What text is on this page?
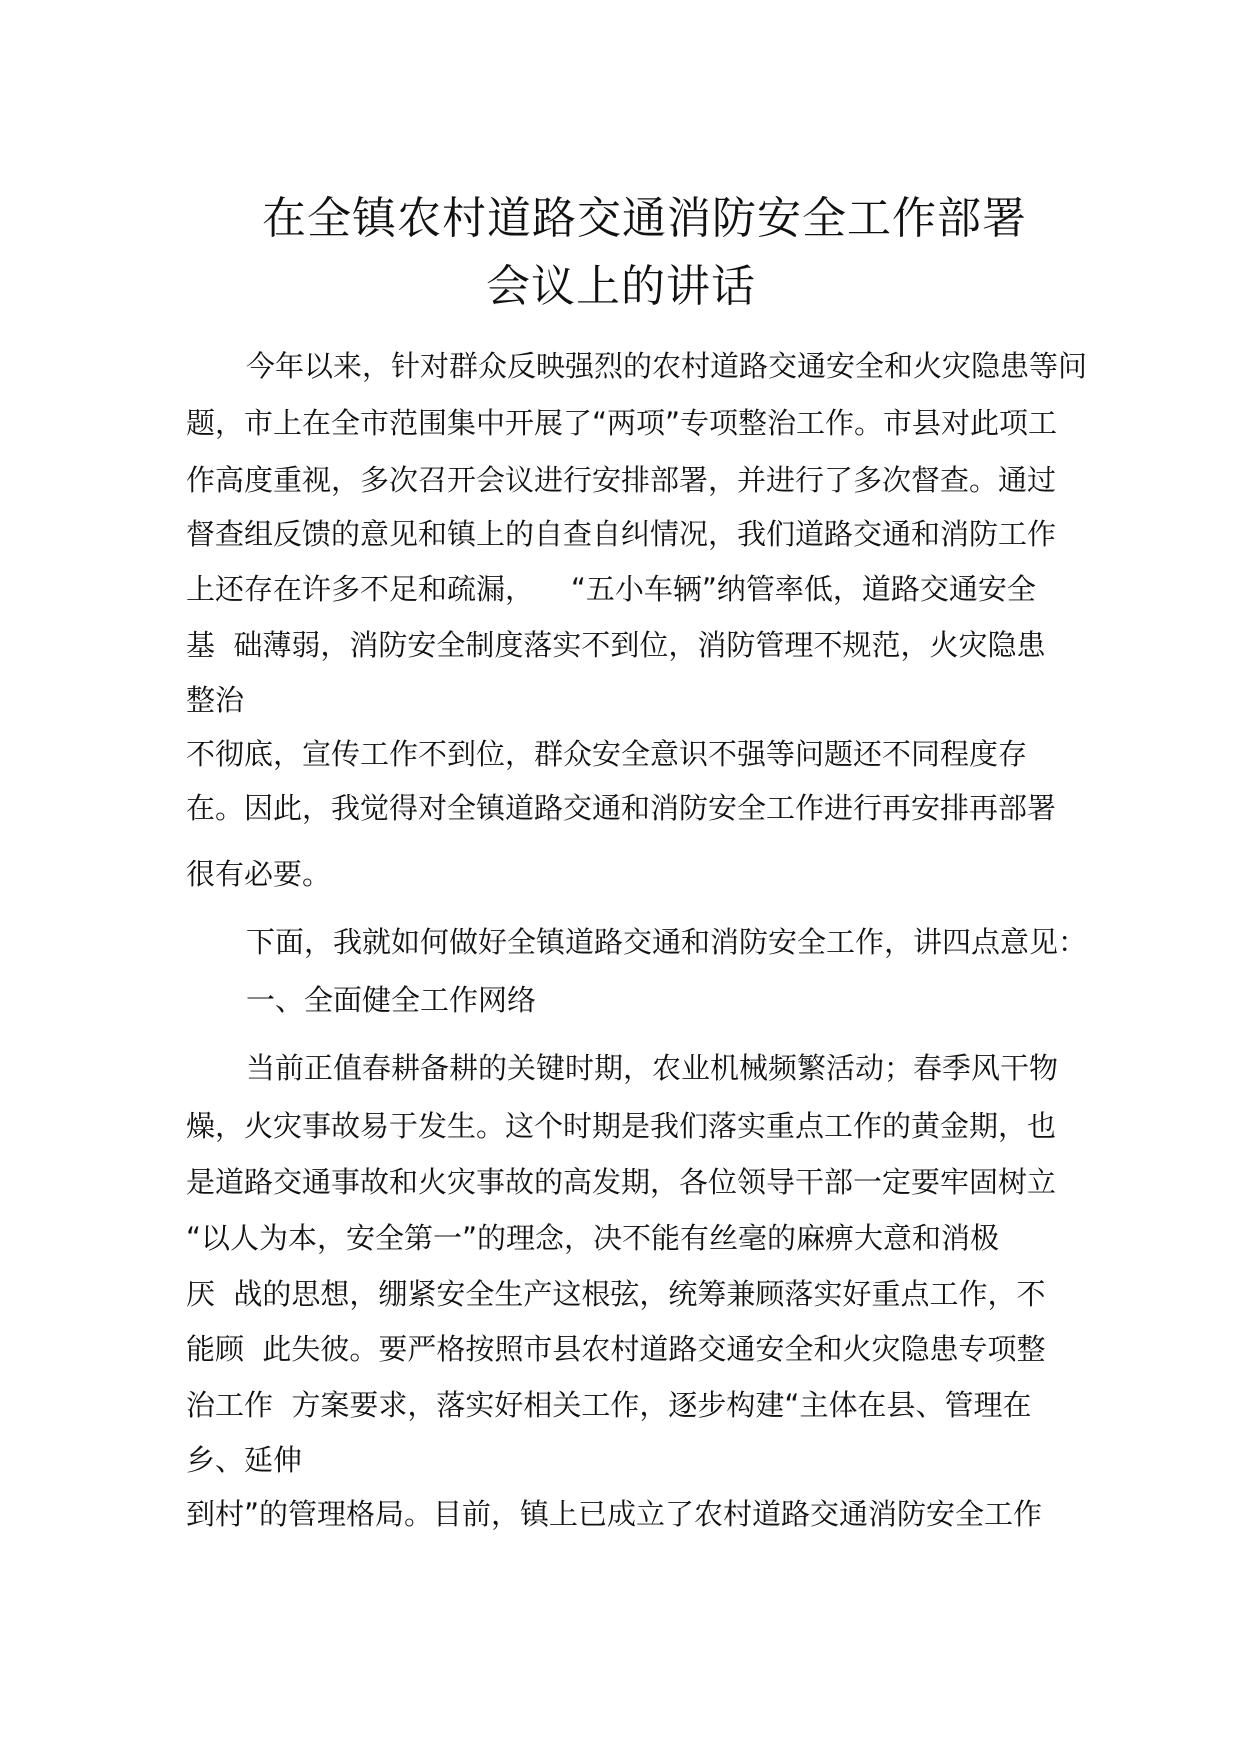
在全镇农村道路交通消防安全工作部署
会议上的讲话
今年以来，针对群众反映强烈的农村道路交通安全和火灾隐患等问
题，市上在全市范围集中开展了“两项”专项整治工作。市县对此项工
作高度重视，多次召开会议进行安排部署，并进行了多次督查。通过
督查组反馈的意见和镇上的自查自纠情况，我们道路交通和消防工作
上还存在许多不足和疏漏，    “五小车辆”纳管率低，道路交通安全
基  础薄弱，消防安全制度落实不到位，消防管理不规范，火灾隐患
整治
不彻底，宣传工作不到位，群众安全意识不强等问题还不同程度存
在。因此，我觉得对全镇道路交通和消防安全工作进行再安排再部署
很有必要。
下面，我就如何做好全镇道路交通和消防安全工作，讲四点意见：
一、全面健全工作网络
当前正值春耕备耕的关键时期，农业机械频繁活动；春季风干物
燥，火灾事故易于发生。这个时期是我们落实重点工作的黄金期，也
是道路交通事故和火灾事故的高发期，各位领导干部一定要牢固树立
“以人为本，安全第一”的理念，决不能有丝毫的麻痹大意和消极
厌  战的思想，绷紧安全生产这根弦，统筹兼顾落实好重点工作，不
能顾  此失彼。要严格按照市县农村道路交通安全和火灾隐患专项整
治工作  方案要求，落实好相关工作，逐步构建“主体在县、管理在
乡、延伸
到村”的管理格局。目前，镇上已成立了农村道路交通消防安全工作
